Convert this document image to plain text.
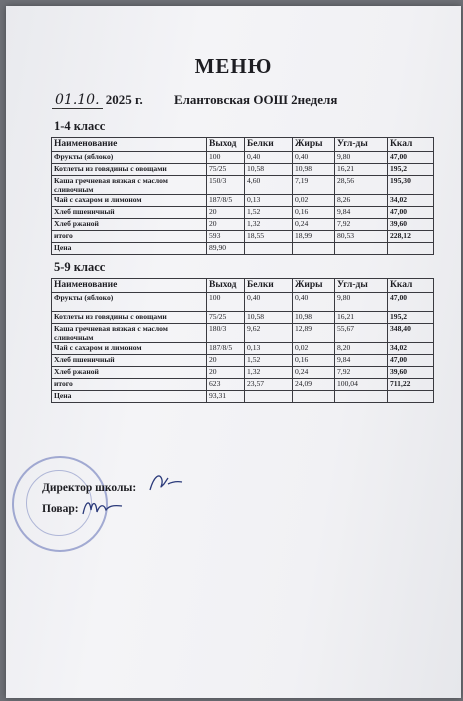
МЕНЮ
01.10. 2025 г. Елантовская ООШ 2неделя
1-4 класс
Наименование	Выход	Белки	Жиры	Угл-ды	Ккал
Фрукты (яблоко)	100	0,40	0,40	9,80	47,00
Котлеты из говядины с овощами	75/25	10,58	10,98	16,21	195,2
Каша гречневая вязкая с маслом сливочным	150/3	4,60	7,19	28,56	195,30
Чай с сахаром и лимоном	187/8/5	0,13	0,02	8,26	34,02
Хлеб пшеничный	20	1,52	0,16	9,84	47,00
Хлеб ржаной	20	1,32	0,24	7,92	39,60
итого	593	18,55	18,99	80,53	228,12
Цена	89,90				
5-9 класс
Наименование	Выход	Белки	Жиры	Угл-ды	Ккал
Фрукты (яблоко)	100	0,40	0,40	9,80	47,00
Котлеты из говядины с овощами	75/25	10,58	10,98	16,21	195,2
Каша гречневая вязкая с маслом сливочным	180/3	9,62	12,89	55,67	348,40
Чай с сахаром и лимоном	187/8/5	0,13	0,02	8,20	34,02
Хлеб пшеничный	20	1,52	0,16	9,84	47,00
Хлеб ржаной	20	1,32	0,24	7,92	39,60
итого	623	23,57	24,09	100,04	711,22
Цена	93,31				
Директор школы:
Повар:
